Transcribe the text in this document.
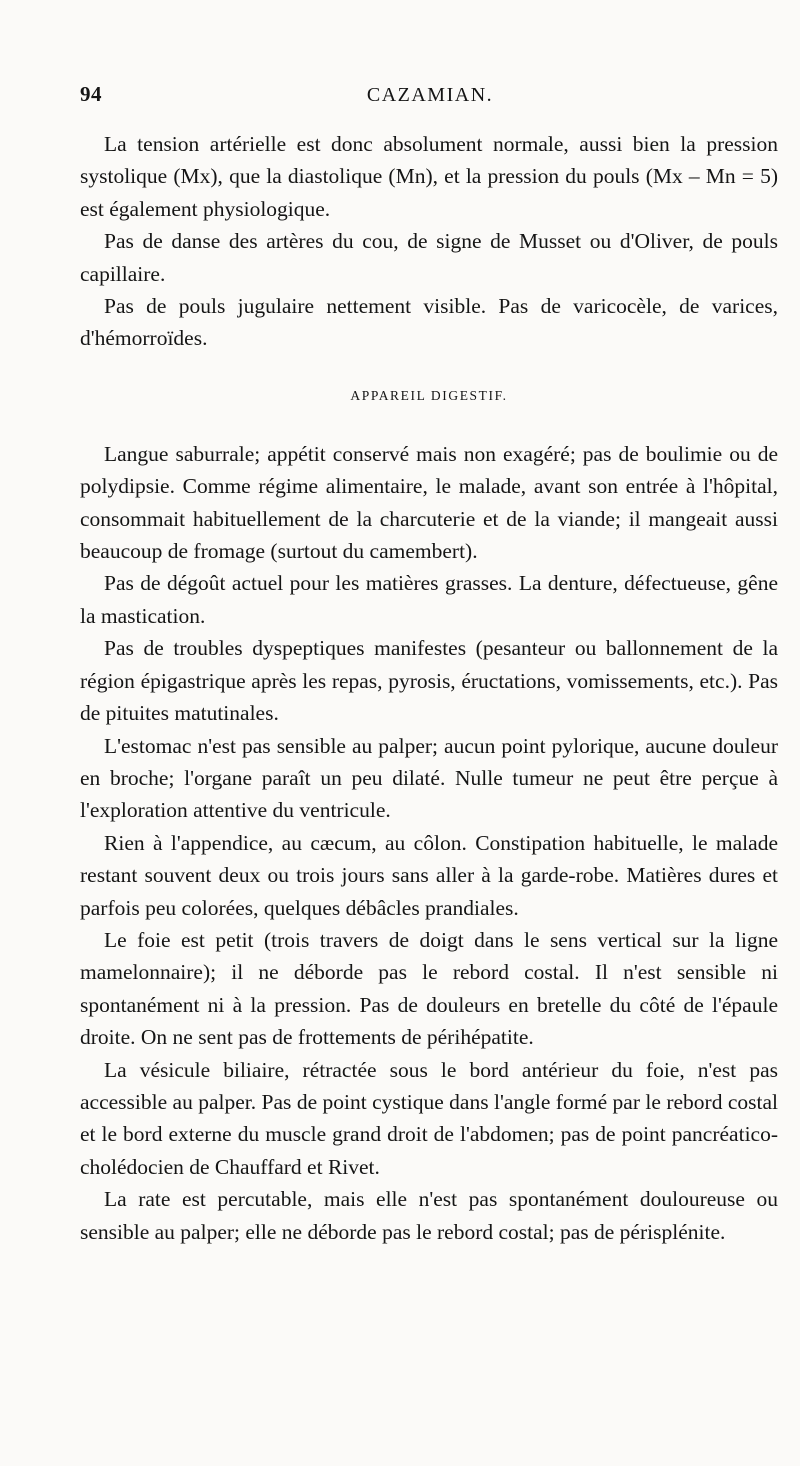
94	CAZAMIAN.

La tension artérielle est donc absolument normale, aussi bien la pression systolique (Mx), que la diastolique (Mn), et la pression du pouls (Mx – Mn = 5) est également physiologique.

Pas de danse des artères du cou, de signe de Musset ou d'Oliver, de pouls capillaire.

Pas de pouls jugulaire nettement visible. Pas de varicocèle, de varices, d'hémorroïdes.

APPAREIL DIGESTIF.

Langue saburrale; appétit conservé mais non exagéré; pas de boulimie ou de polydipsie. Comme régime alimentaire, le malade, avant son entrée à l'hôpital, consommait habituellement de la charcuterie et de la viande; il mangeait aussi beaucoup de fromage (surtout du camembert).

Pas de dégoût actuel pour les matières grasses. La denture, défectueuse, gêne la mastication.

Pas de troubles dyspeptiques manifestes (pesanteur ou ballonnement de la région épigastrique après les repas, pyrosis, éructations, vomissements, etc.). Pas de pituites matutinales.

L'estomac n'est pas sensible au palper; aucun point pylorique, aucune douleur en broche; l'organe paraît un peu dilaté. Nulle tumeur ne peut être perçue à l'exploration attentive du ventricule.

Rien à l'appendice, au cæcum, au côlon. Constipation habituelle, le malade restant souvent deux ou trois jours sans aller à la garde-robe. Matières dures et parfois peu colorées, quelques débâcles prandiales.

Le foie est petit (trois travers de doigt dans le sens vertical sur la ligne mamelonnaire); il ne déborde pas le rebord costal. Il n'est sensible ni spontanément ni à la pression. Pas de douleurs en bretelle du côté de l'épaule droite. On ne sent pas de frottements de périhépatite.

La vésicule biliaire, rétractée sous le bord antérieur du foie, n'est pas accessible au palper. Pas de point cystique dans l'angle formé par le rebord costal et le bord externe du muscle grand droit de l'abdomen; pas de point pancréatico-cholédocien de Chauffard et Rivet.

La rate est percutable, mais elle n'est pas spontanément douloureuse ou sensible au palper; elle ne déborde pas le rebord costal; pas de périsplénite.
